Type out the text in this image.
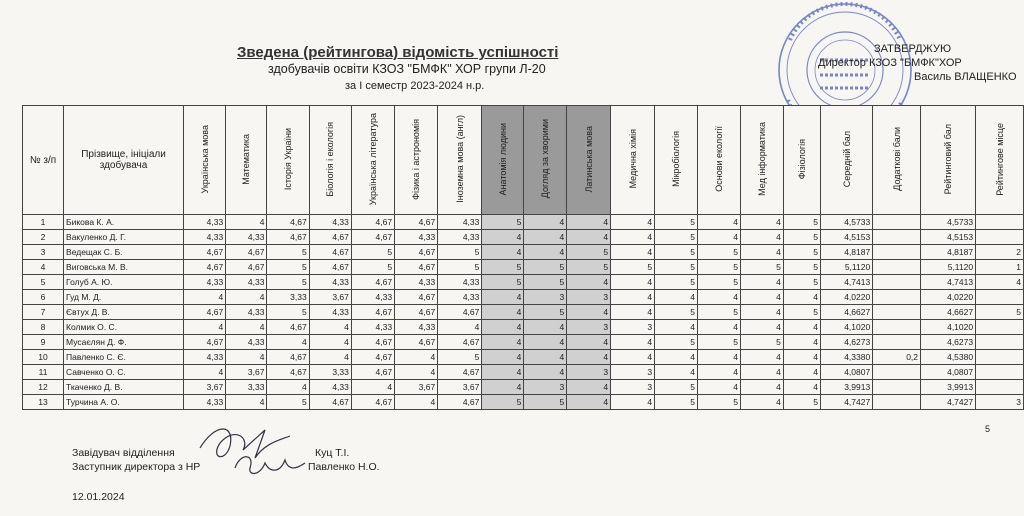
Зведена (рейтингова) відомість успішності
здобувачів освіти КЗОЗ "БМФК" ХОР групи Л-20
за І семестр 2023-2024 н.р.
ЗАТВЕРДЖУЮ
Директор КЗОЗ "БМФК"ХОР
Василь ВЛАЩЕНКО
№ з/п	Прізвище, ініціали здобувача	Українська мова	Математика	Історія України	Біологія і екологія	Українська література	Фізика і астрономія	Іноземна мова (англ)	Анатомія людини	Догляд за хворими	Латинська мова	Медична хімія	Мікробіологія	Основи екології	Мед інформатика	Фізіологія	Середній бал	Додаткові бали	Рейтинговий бал	Рейтингове місце
1	Бикова К. А.	4,33	4	4,67	4,33	4,67	4,67	4,33	5	4	4	4	5	4	4	5	4,5733		4,5733	
2	Вакуленко Д. Г.	4,33	4,33	4,67	4,67	4,67	4,33	4,33	4	4	4	4	5	4	4	5	4,5153		4,5153	
3	Ведещак С. Б.	4,67	4,67	5	4,67	5	4,67	5	4	4	5	4	5	5	4	5	4,8187		4,8187	2
4	Виговська М. В.	4,67	4,67	5	4,67	5	4,67	5	5	5	5	5	5	5	5	5	5,1120		5,1120	1
5	Голуб А. Ю.	4,33	4,33	5	4,33	4,67	4,33	4,33	5	5	4	4	5	5	4	5	4,7413		4,7413	4
6	Гуд М. Д.	4	4	3,33	3,67	4,33	4,67	4,33	4	3	3	4	4	4	4	4	4,0220		4,0220	
7	Євтух Д. В.	4,67	4,33	5	4,33	4,67	4,67	4,67	4	5	4	4	5	5	4	5	4,6627		4,6627	5
8	Колмик О. С.	4	4	4,67	4	4,33	4,33	4	4	4	3	3	4	4	4	4	4,1020		4,1020	
9	Мусаєлян Д. Ф.	4,67	4,33	4	4	4,67	4,67	4,67	4	4	4	4	5	5	5	4	4,6273		4,6273	
10	Павленко С. Є.	4,33	4	4,67	4	4,67	4	5	4	4	4	4	4	4	4	4	4,3380	0,2	4,5380	
11	Савченко О. С.	4	3,67	4,67	3,33	4,67	4	4,67	4	4	3	3	4	4	4	4	4,0807		4,0807	
12	Ткаченко Д. В.	3,67	3,33	4	4,33	4	3,67	3,67	4	3	4	3	5	4	4	4	3,9913		3,9913	
13	Турчина А. О.	4,33	4	5	4,67	4,67	4	4,67	5	5	4	4	5	5	4	5	4,7427		4,7427	3
Завідувач відділення	Куц Т.І.
Заступник директора з НР	Павленко Н.О.
12.01.2024
5
